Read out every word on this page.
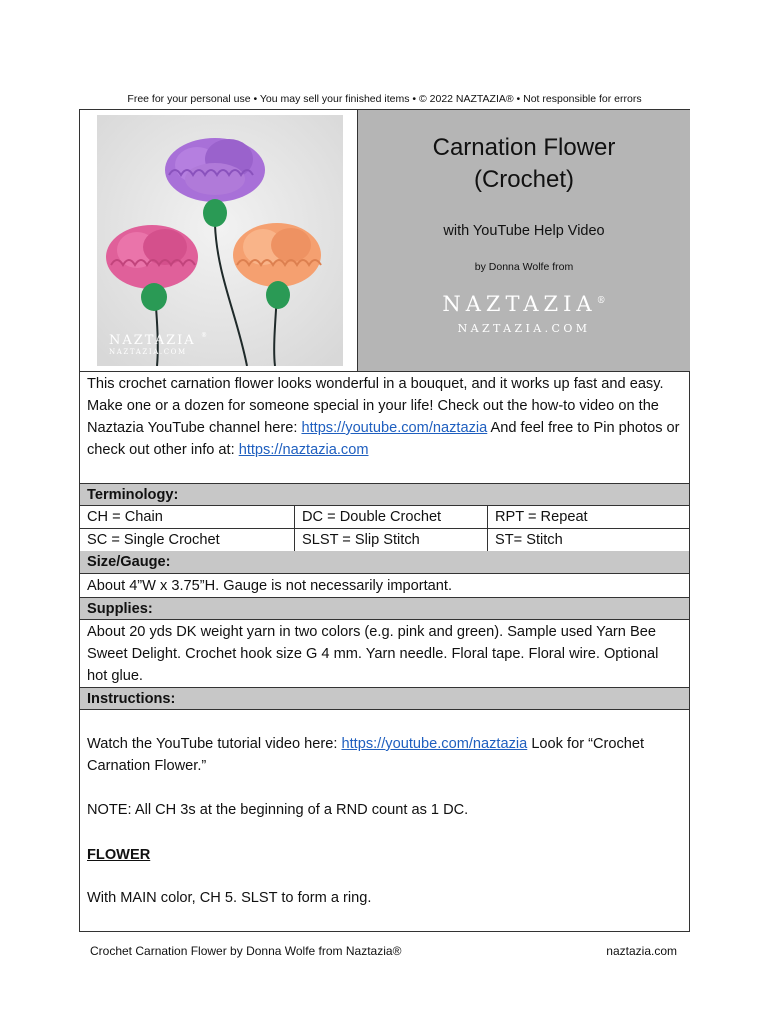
Free for your personal use • You may sell your finished items • © 2022 NAZTAZIA® • Not responsible for errors
NAZTAZIA ®
NAZTAZIA.COM
Carnation Flower
(Crochet)
with YouTube Help Video
by Donna Wolfe from
NAZTAZIA®
NAZTAZIA.COM
This crochet carnation flower looks wonderful in a bouquet, and it works up fast and easy. Make one or a dozen for someone special in your life! Check out the how-to video on the Naztazia YouTube channel here: https://youtube.com/naztazia And feel free to Pin photos or check out other info at: https://naztazia.com
Terminology:
CH = Chain	DC = Double Crochet	RPT = Repeat
SC = Single Crochet	SLST = Slip Stitch	ST= Stitch
Size/Gauge:
About 4”W x 3.75”H. Gauge is not necessarily important.
Supplies:
About 20 yds DK weight yarn in two colors (e.g. pink and green). Sample used Yarn Bee Sweet Delight. Crochet hook size G 4 mm. Yarn needle. Floral tape. Floral wire. Optional hot glue.
Instructions:
Watch the YouTube tutorial video here: https://youtube.com/naztazia Look for “Crochet Carnation Flower.”
NOTE: All CH 3s at the beginning of a RND count as 1 DC.
FLOWER
With MAIN color, CH 5. SLST to form a ring.
Crochet Carnation Flower by Donna Wolfe from Naztazia®	naztazia.com
